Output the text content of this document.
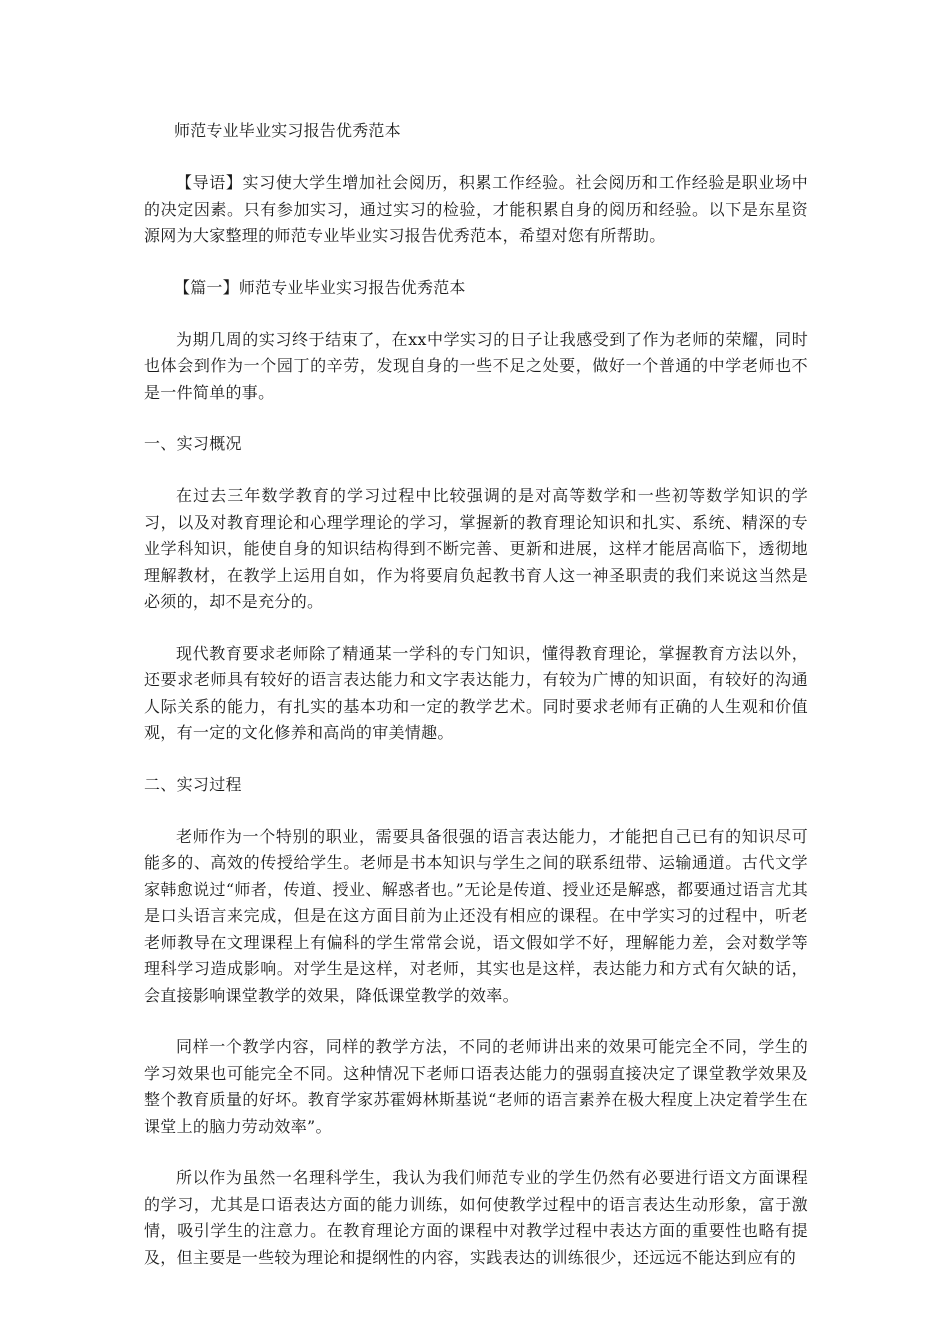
师范专业毕业实习报告优秀范本

【导语】实习使大学生增加社会阅历，积累工作经验。社会阅历和工作经验是职业场中的决定因素。只有参加实习，通过实习的检验，才能积累自身的阅历和经验。以下是东星资源网为大家整理的师范专业毕业实习报告优秀范本，希望对您有所帮助。

【篇一】师范专业毕业实习报告优秀范本

为期几周的实习终于结束了，在xx中学实习的日子让我感受到了作为老师的荣耀，同时也体会到作为一个园丁的辛劳，发现自身的一些不足之处要，做好一个普通的中学老师也不是一件简单的事。

一、实习概况

在过去三年数学教育的学习过程中比较强调的是对高等数学和一些初等数学知识的学习，以及对教育理论和心理学理论的学习，掌握新的教育理论知识和扎实、系统、精深的专业学科知识，能使自身的知识结构得到不断完善、更新和进展，这样才能居高临下，透彻地理解教材，在教学上运用自如，作为将要肩负起教书育人这一神圣职责的我们来说这当然是必须的，却不是充分的。

现代教育要求老师除了精通某一学科的专门知识，懂得教育理论，掌握教育方法以外，还要求老师具有较好的语言表达能力和文字表达能力，有较为广博的知识面，有较好的沟通人际关系的能力，有扎实的基本功和一定的教学艺术。同时要求老师有正确的人生观和价值观，有一定的文化修养和高尚的审美情趣。

二、实习过程

老师作为一个特别的职业，需要具备很强的语言表达能力，才能把自己已有的知识尽可能多的、高效的传授给学生。老师是书本知识与学生之间的联系纽带、运输通道。古代文学家韩愈说过“师者，传道、授业、解惑者也。”无论是传道、授业还是解惑，都要通过语言尤其是口头语言来完成，但是在这方面目前为止还没有相应的课程。在中学实习的过程中，听老老师教导在文理课程上有偏科的学生常常会说，语文假如学不好，理解能力差，会对数学等理科学习造成影响。对学生是这样，对老师，其实也是这样，表达能力和方式有欠缺的话，会直接影响课堂教学的效果，降低课堂教学的效率。

同样一个教学内容，同样的教学方法，不同的老师讲出来的效果可能完全不同，学生的学习效果也可能完全不同。这种情况下老师口语表达能力的强弱直接决定了课堂教学效果及整个教育质量的好坏。教育学家苏霍姆林斯基说“老师的语言素养在极大程度上决定着学生在课堂上的脑力劳动效率”。

所以作为虽然一名理科学生，我认为我们师范专业的学生仍然有必要进行语文方面课程的学习，尤其是口语表达方面的能力训练，如何使教学过程中的语言表达生动形象，富于激情，吸引学生的注意力。在教育理论方面的课程中对教学过程中表达方面的重要性也略有提及，但主要是一些较为理论和提纲性的内容，实践表达的训练很少，还远远不能达到应有的
